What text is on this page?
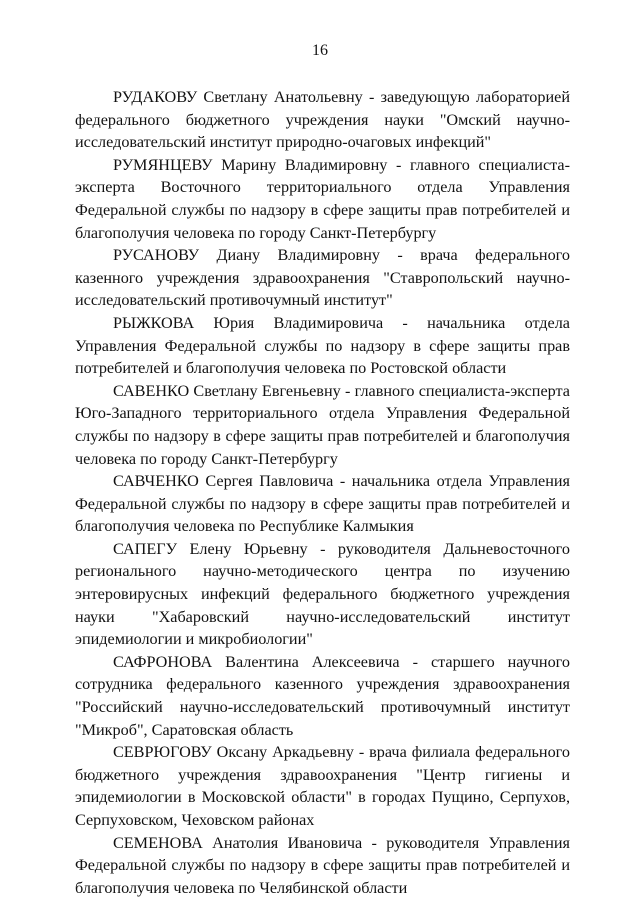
16

РУДАКОВУ Светлану Анатольевну - заведующую лабораторией федерального бюджетного учреждения науки "Омский научно-исследовательский институт природно-очаговых инфекций"

РУМЯНЦЕВУ Марину Владимировну - главного специалиста-эксперта Восточного территориального отдела Управления Федеральной службы по надзору в сфере защиты прав потребителей и благополучия человека по городу Санкт-Петербургу

РУСАНОВУ Диану Владимировну - врача федерального казенного учреждения здравоохранения "Ставропольский научно-исследовательский противочумный институт"

РЫЖКОВА Юрия Владимировича - начальника отдела Управления Федеральной службы по надзору в сфере защиты прав потребителей и благополучия человека по Ростовской области

САВЕНКО Светлану Евгеньевну - главного специалиста-эксперта Юго-Западного территориального отдела Управления Федеральной службы по надзору в сфере защиты прав потребителей и благополучия человека по городу Санкт-Петербургу

САВЧЕНКО Сергея Павловича - начальника отдела Управления Федеральной службы по надзору в сфере защиты прав потребителей и благополучия человека по Республике Калмыкия

САПЕГУ Елену Юрьевну - руководителя Дальневосточного регионального научно-методического центра по изучению энтеровирусных инфекций федерального бюджетного учреждения науки "Хабаровский научно-исследовательский институт эпидемиологии и микробиологии"

САФРОНОВА Валентина Алексеевича - старшего научного сотрудника федерального казенного учреждения здравоохранения "Российский научно-исследовательский противочумный институт "Микроб", Саратовская область

СЕВРЮГОВУ Оксану Аркадьевну - врача филиала федерального бюджетного учреждения здравоохранения "Центр гигиены и эпидемиологии в Московской области" в городах Пущино, Серпухов, Серпуховском, Чеховском районах

СЕМЕНОВА Анатолия Ивановича - руководителя Управления Федеральной службы по надзору в сфере защиты прав потребителей и благополучия человека по Челябинской области
